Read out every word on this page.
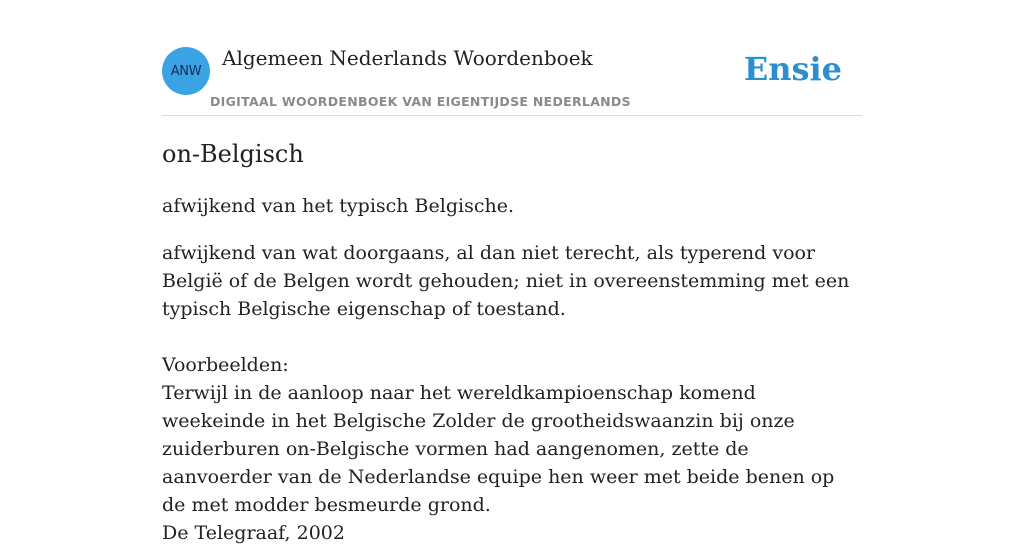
ANW
Algemeen Nederlands Woordenboek
DIGITAAL WOORDENBOEK VAN EIGENTIJDSE NEDERLANDS
Ensie
on-Belgisch

afwijkend van het typisch Belgische.

afwijkend van wat doorgaans, al dan niet terecht, als typerend voor België of de Belgen wordt gehouden; niet in overeenstemming met een typisch Belgische eigenschap of toestand.

Voorbeelden:

Terwijl in de aanloop naar het wereldkampioenschap komend weekeinde in het Belgische Zolder de grootheidswaanzin bij onze zuiderburen on-Belgische vormen had aangenomen, zette de aanvoerder van de Nederlandse equipe hen weer met beide benen op de met modder besmeurde grond.

De Telegraaf, 2002
